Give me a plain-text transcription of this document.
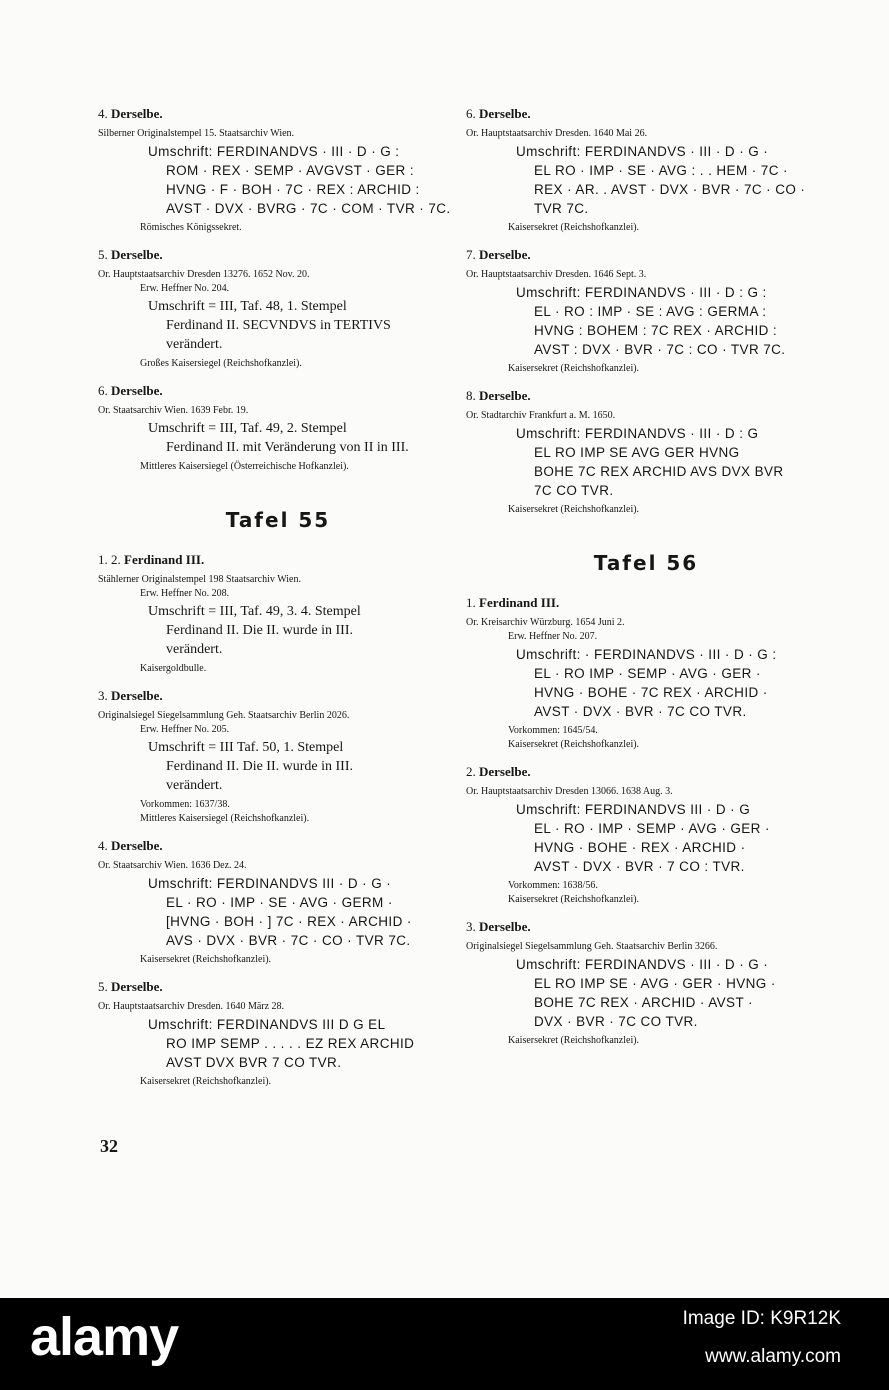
4. Derselbe.
Silberner Originalstempel 15. Staatsarchiv Wien.
Umschrift: FERDINANDVS · III · D · G :
ROM · REX · SEMP · AVGVST · GER :
HVNG · F · BOH · 7C · REX : ARCHID :
AVST · DVX · BVRG · 7C · COM · TVR · 7C.
Römisches Königssekret.
5. Derselbe.
Or. Hauptstaatsarchiv Dresden 13276. 1652 Nov. 20.
Erw. Heffner No. 204.
Umschrift = III, Taf. 48, 1. Stempel
Ferdinand II. SECVNDVS in TERTIVS
verändert.
Großes Kaisersiegel (Reichshofkanzlei).
6. Derselbe.
Or. Staatsarchiv Wien. 1639 Febr. 19.
Umschrift = III, Taf. 49, 2. Stempel
Ferdinand II. mit Veränderung von II in III.
Mittleres Kaisersiegel (Österreichische Hofkanzlei).
Tafel 55
1. 2. Ferdinand III.
Stählerner Originalstempel 198 Staatsarchiv Wien.
Erw. Heffner No. 208.
Umschrift = III, Taf. 49, 3. 4. Stempel
Ferdinand II. Die II. wurde in III.
verändert.
Kaisergoldbulle.
3. Derselbe.
Originalsiegel Siegelsammlung Geh. Staatsarchiv Berlin 2026.
Erw. Heffner No. 205.
Umschrift = III Taf. 50, 1. Stempel
Ferdinand II. Die II. wurde in III.
verändert.
Vorkommen: 1637/38.
Mittleres Kaisersiegel (Reichshofkanzlei).
4. Derselbe.
Or. Staatsarchiv Wien. 1636 Dez. 24.
Umschrift: FERDINANDVS III · D · G ·
EL · RO · IMP · SE · AVG · GERM ·
[HVNG · BOH · ] 7C · REX · ARCHID ·
AVS · DVX · BVR · 7C · CO · TVR 7C.
Kaisersekret (Reichshofkanzlei).
5. Derselbe.
Or. Hauptstaatsarchiv Dresden. 1640 März 28.
Umschrift: FERDINANDVS III D G EL
RO IMP SEMP . . . . . EZ REX ARCHID
AVST DVX BVR 7 CO TVR.
Kaisersekret (Reichshofkanzlei).
6. Derselbe.
Or. Hauptstaatsarchiv Dresden. 1640 Mai 26.
Umschrift: FERDINANDVS · III · D · G ·
EL RO · IMP · SE · AVG : . . HEM · 7C ·
REX · AR. . AVST · DVX · BVR · 7C · CO ·
TVR 7C.
Kaisersekret (Reichshofkanzlei).
7. Derselbe.
Or. Hauptstaatsarchiv Dresden. 1646 Sept. 3.
Umschrift: FERDINANDVS · III · D : G :
EL · RO : IMP · SE : AVG : GERMA :
HVNG : BOHEM : 7C REX · ARCHID :
AVST : DVX · BVR · 7C : CO · TVR 7C.
Kaisersekret (Reichshofkanzlei).
8. Derselbe.
Or. Stadtarchiv Frankfurt a. M. 1650.
Umschrift: FERDINANDVS · III · D : G
EL RO IMP SE AVG GER HVNG
BOHE 7C REX ARCHID AVS DVX BVR
7C CO TVR.
Kaisersekret (Reichshofkanzlei).
Tafel 56
1. Ferdinand III.
Or. Kreisarchiv Würzburg. 1654 Juni 2.
Erw. Heffner No. 207.
Umschrift: · FERDINANDVS · III · D · G :
EL · RO IMP · SEMP · AVG · GER ·
HVNG · BOHE · 7C REX · ARCHID ·
AVST · DVX · BVR · 7C CO TVR.
Vorkommen: 1645/54.
Kaisersekret (Reichshofkanzlei).
2. Derselbe.
Or. Hauptstaatsarchiv Dresden 13066. 1638 Aug. 3.
Umschrift: FERDINANDVS III · D · G
EL · RO · IMP · SEMP · AVG · GER ·
HVNG · BOHE · REX · ARCHID ·
AVST · DVX · BVR · 7 CO : TVR.
Vorkommen: 1638/56.
Kaisersekret (Reichshofkanzlei).
3. Derselbe.
Originalsiegel Siegelsammlung Geh. Staatsarchiv Berlin 3266.
Umschrift: FERDINANDVS · III · D · G ·
EL RO IMP SE · AVG · GER · HVNG ·
BOHE 7C REX · ARCHID · AVST ·
DVX · BVR · 7C CO TVR.
Kaisersekret (Reichshofkanzlei).
32
alamy	Image ID: K9R12K
www.alamy.com
